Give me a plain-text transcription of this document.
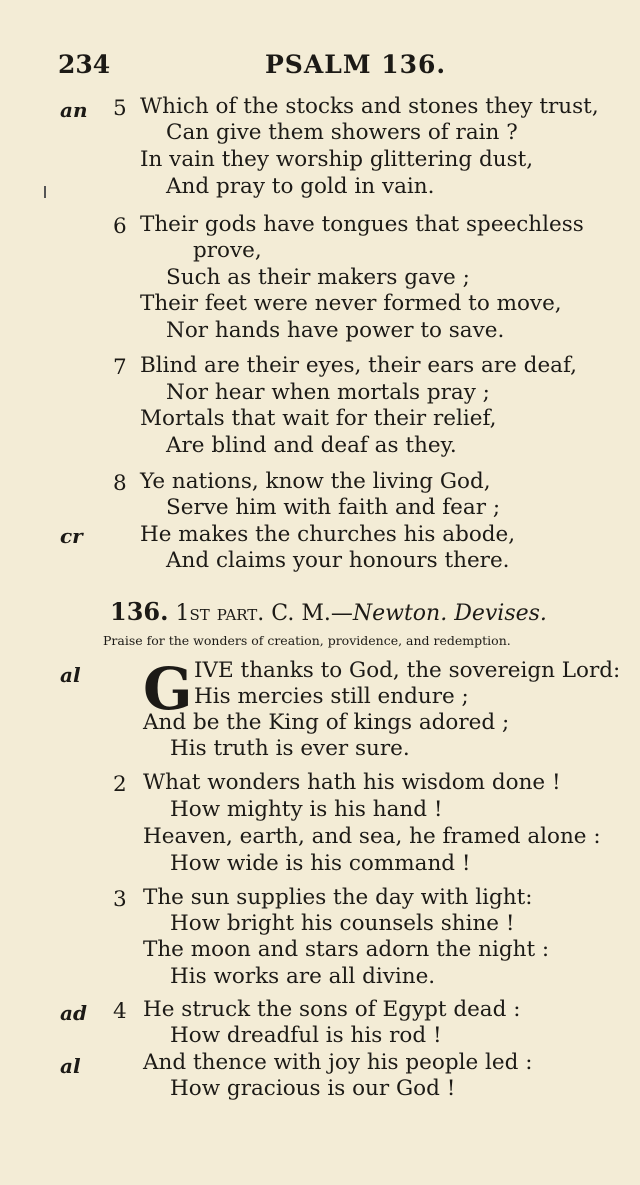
234	PSALM 136.
an 5 Which of the stocks and stones they trust,
Can give them showers of rain ?
In vain they worship glittering dust,
And pray to gold in vain.
6 Their gods have tongues that speechless
prove,
Such as their makers gave ;
Their feet were never formed to move,
Nor hands have power to save.
7 Blind are their eyes, their ears are deaf,
Nor hear when mortals pray ;
Mortals that wait for their relief,
Are blind and deaf as they.
8 Ye nations, know the living God,
Serve him with faith and fear ;
cr	He makes the churches his abode,
And claims your honours there.
136. 1st part. C. M.—Newton. Devises.
Praise for the wonders of creation, providence, and redemption.
al G IVE thanks to God, the sovereign Lord:
His mercies still endure ;
And be the King of kings adored ;
His truth is ever sure.
2 What wonders hath his wisdom done !
How mighty is his hand !
Heaven, earth, and sea, he framed alone :
How wide is his command !
3 The sun supplies the day with light:
How bright his counsels shine !
The moon and stars adorn the night :
His works are all divine.
ad 4 He struck the sons of Egypt dead :
How dreadful is his rod !
al	And thence with joy his people led :
How gracious is our God !
